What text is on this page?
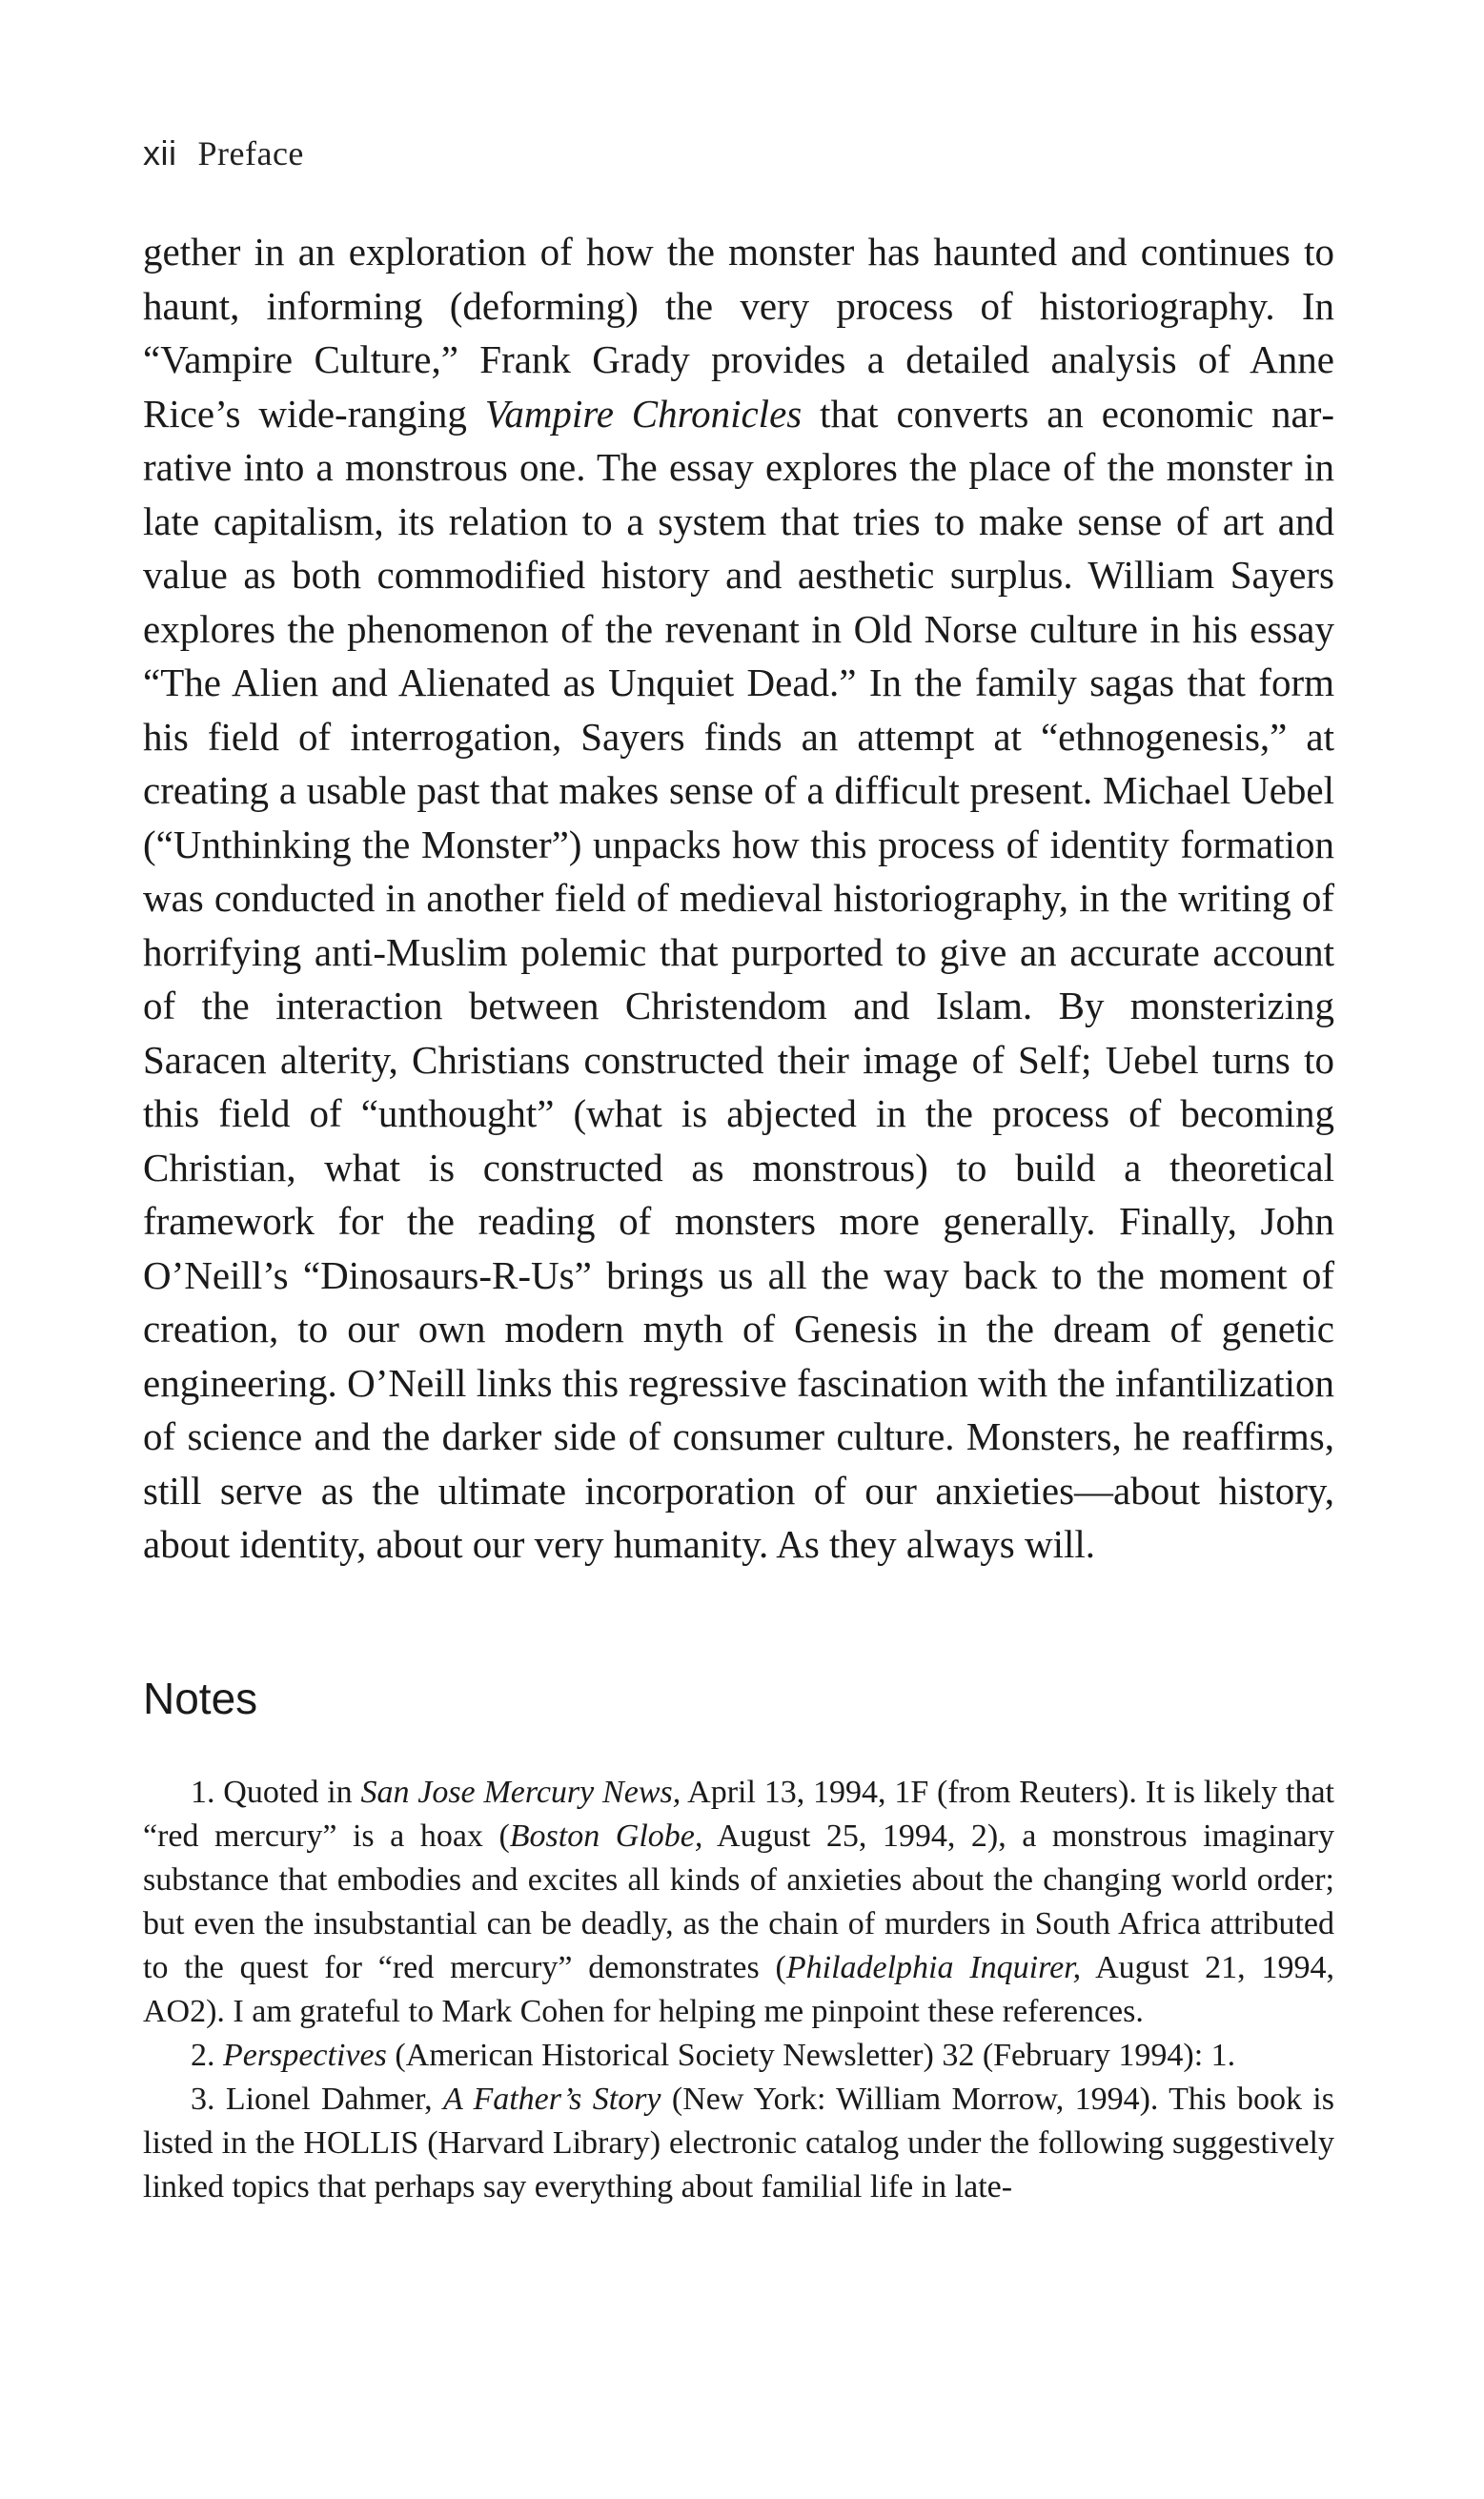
xii Preface

gether in an exploration of how the monster has haunted and continues to haunt, informing (deforming) the very process of historiography. In “Vampire Culture,” Frank Grady provides a detailed analysis of Anne Rice’s wide-ranging Vampire Chronicles that converts an economic narrative into a monstrous one. The essay explores the place of the monster in late capitalism, its relation to a system that tries to make sense of art and value as both commodified history and aesthetic surplus. William Sayers explores the phenomenon of the revenant in Old Norse culture in his essay “The Alien and Alienated as Unquiet Dead.” In the family sagas that form his field of interrogation, Sayers finds an attempt at “ethnogenesis,” at creating a usable past that makes sense of a difficult present. Michael Uebel (“Unthinking the Monster”) unpacks how this process of identity formation was conducted in another field of medieval historiography, in the writing of horrifying anti-Muslim polemic that purported to give an accurate account of the interaction between Christendom and Islam. By monsterizing Saracen alterity, Christians constructed their image of Self; Uebel turns to this field of “unthought” (what is abjected in the process of becoming Christian, what is constructed as monstrous) to build a theoretical framework for the reading of monsters more generally. Finally, John O’Neill’s “Dinosaurs-R-Us” brings us all the way back to the moment of creation, to our own modern myth of Genesis in the dream of genetic engineering. O’Neill links this regressive fascination with the infantilization of science and the darker side of consumer culture. Monsters, he reaffirms, still serve as the ultimate incorporation of our anxieties—about history, about identity, about our very humanity. As they always will.

Notes

1. Quoted in San Jose Mercury News, April 13, 1994, 1F (from Reuters). It is likely that “red mercury” is a hoax (Boston Globe, August 25, 1994, 2), a monstrous imaginary substance that embodies and excites all kinds of anxieties about the changing world order; but even the insubstantial can be deadly, as the chain of murders in South Africa attributed to the quest for “red mercury” demonstrates (Philadelphia Inquirer, August 21, 1994, AO2). I am grateful to Mark Cohen for helping me pinpoint these references.

2. Perspectives (American Historical Society Newsletter) 32 (February 1994): 1.

3. Lionel Dahmer, A Father’s Story (New York: William Morrow, 1994). This book is listed in the HOLLIS (Harvard Library) electronic catalog under the following suggestively linked topics that perhaps say everything about familial life in late-
